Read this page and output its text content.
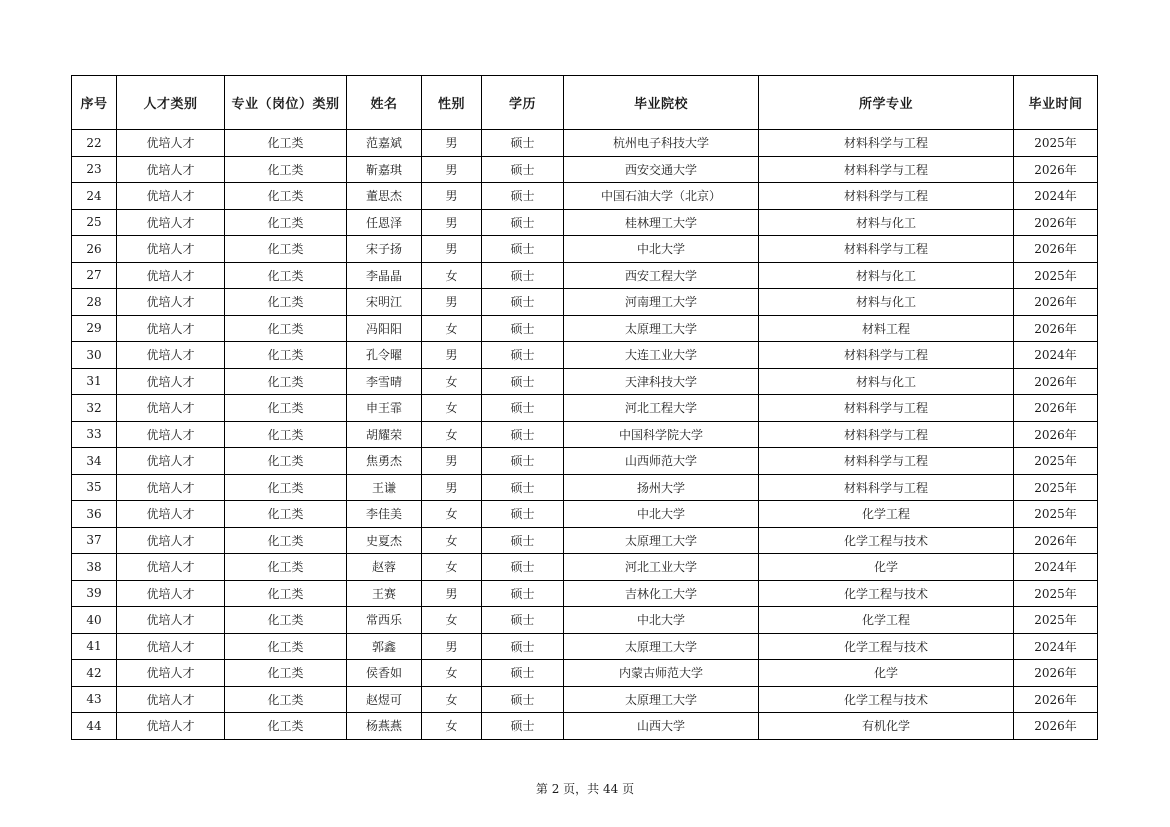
序号	人才类别	专业（岗位）类别	姓名	性别	学历	毕业院校	所学专业	毕业时间
22	优培人才	化工类	范嘉斌	男	硕士	杭州电子科技大学	材料科学与工程	2025年
23	优培人才	化工类	靳嘉琪	男	硕士	西安交通大学	材料科学与工程	2026年
24	优培人才	化工类	董思杰	男	硕士	中国石油大学（北京）	材料科学与工程	2024年
25	优培人才	化工类	任恩泽	男	硕士	桂林理工大学	材料与化工	2026年
26	优培人才	化工类	宋子扬	男	硕士	中北大学	材料科学与工程	2026年
27	优培人才	化工类	李晶晶	女	硕士	西安工程大学	材料与化工	2025年
28	优培人才	化工类	宋明江	男	硕士	河南理工大学	材料与化工	2026年
29	优培人才	化工类	冯阳阳	女	硕士	太原理工大学	材料工程	2026年
30	优培人才	化工类	孔令曜	男	硕士	大连工业大学	材料科学与工程	2024年
31	优培人才	化工类	李雪晴	女	硕士	天津科技大学	材料与化工	2026年
32	优培人才	化工类	申王霏	女	硕士	河北工程大学	材料科学与工程	2026年
33	优培人才	化工类	胡耀荣	女	硕士	中国科学院大学	材料科学与工程	2026年
34	优培人才	化工类	焦勇杰	男	硕士	山西师范大学	材料科学与工程	2025年
35	优培人才	化工类	王谦	男	硕士	扬州大学	材料科学与工程	2025年
36	优培人才	化工类	李佳美	女	硕士	中北大学	化学工程	2025年
37	优培人才	化工类	史夏杰	女	硕士	太原理工大学	化学工程与技术	2026年
38	优培人才	化工类	赵蓉	女	硕士	河北工业大学	化学	2024年
39	优培人才	化工类	王赛	男	硕士	吉林化工大学	化学工程与技术	2025年
40	优培人才	化工类	常西乐	女	硕士	中北大学	化学工程	2025年
41	优培人才	化工类	郭鑫	男	硕士	太原理工大学	化学工程与技术	2024年
42	优培人才	化工类	侯香如	女	硕士	内蒙古师范大学	化学	2026年
43	优培人才	化工类	赵煜可	女	硕士	太原理工大学	化学工程与技术	2026年
44	优培人才	化工类	杨燕燕	女	硕士	山西大学	有机化学	2026年
第 2 页，共 44 页
